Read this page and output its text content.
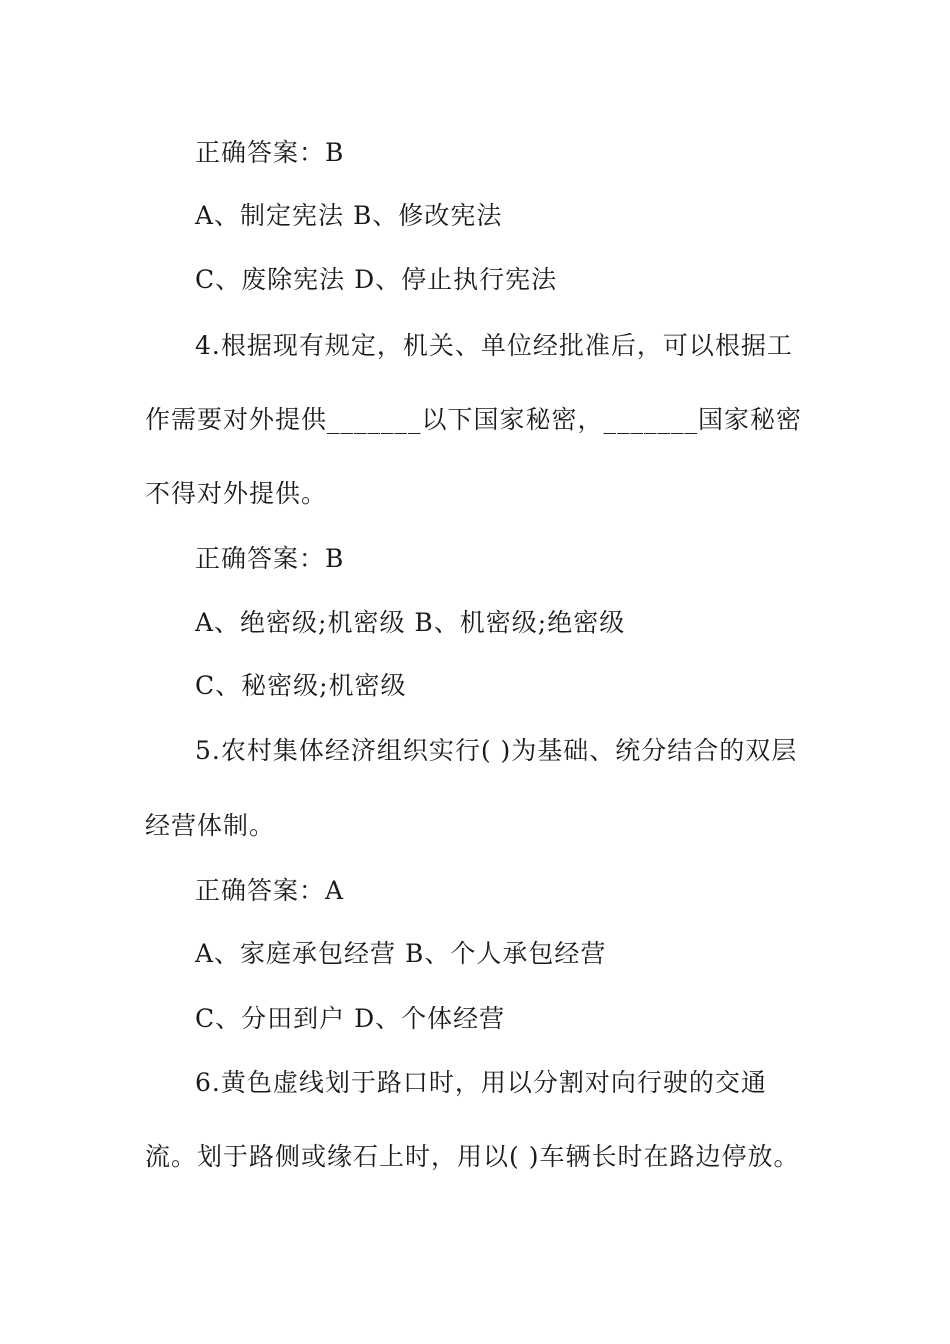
正确答案：B
A、制定宪法 B、修改宪法
C、废除宪法 D、停止执行宪法
4.根据现有规定，机关、单位经批准后，可以根据工
作需要对外提供_______以下国家秘密，_______国家秘密
不得对外提供。
正确答案：B
A、绝密级;机密级 B、机密级;绝密级
C、秘密级;机密级
5.农村集体经济组织实行( )为基础、统分结合的双层
经营体制。
正确答案：A
A、家庭承包经营 B、个人承包经营
C、分田到户 D、个体经营
6.黄色虚线划于路口时，用以分割对向行驶的交通
流。划于路侧或缘石上时，用以( )车辆长时在路边停放。
